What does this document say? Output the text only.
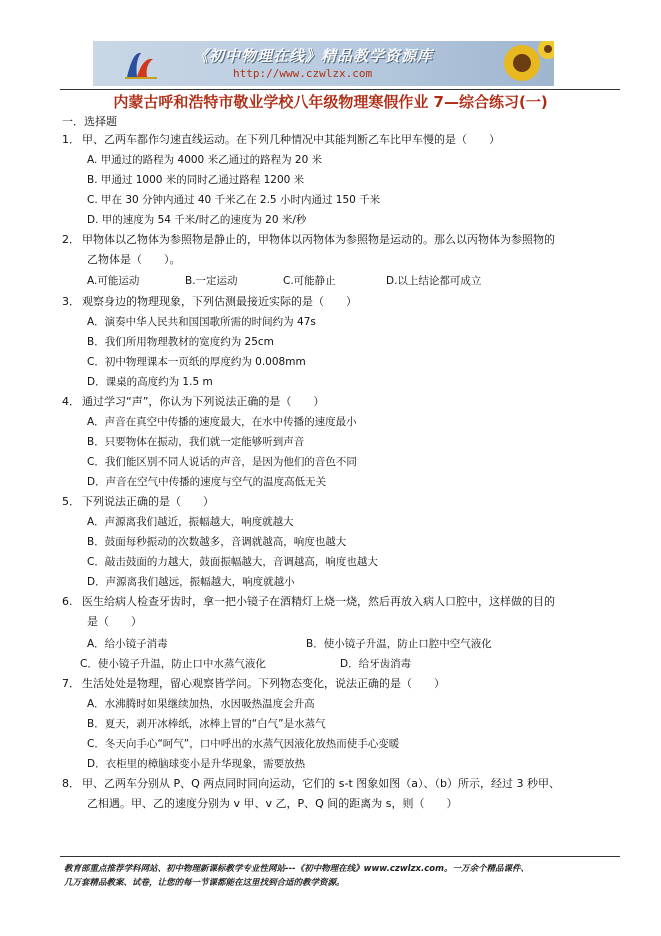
《初中物理在线》精品教学资源库
http://www.czwlzx.com
内蒙古呼和浩特市敬业学校八年级物理寒假作业 7—综合练习(一)
一．选择题
1． 甲、乙两车都作匀速直线运动。在下列几种情况中其能判断乙车比甲车慢的是（　　）
A. 甲通过的路程为 4000 米乙通过的路程为 20 米
B. 甲通过 1000 米的同时乙通过路程 1200 米
C. 甲在 30 分钟内通过 40 千米乙在 2.5 小时内通过 150 千米
D. 甲的速度为 54 千米/时乙的速度为 20 米/秒
2． 甲物体以乙物体为参照物是静止的，甲物体以丙物体为参照物是运动的。那么以丙物体为参照物的
乙物体是（　　）。
A.可能运动	B.一定运动	C.可能静止	D.以上结论都可成立
3． 观察身边的物理现象，下列估测最接近实际的是（　　）
A．演奏中华人民共和国国歌所需的时间约为 47s
B．我们所用物理教材的宽度约为 25cm
C．初中物理课本一页纸的厚度约为 0.008mm
D．课桌的高度约为 1.5 m
4． 通过学习“声”，你认为下列说法正确的是（　　）
A．声音在真空中传播的速度最大，在水中传播的速度最小
B．只要物体在振动，我们就一定能够听到声音
C．我们能区别不同人说话的声音，是因为他们的音色不同
D．声音在空气中传播的速度与空气的温度高低无关
5． 下列说法正确的是（　　）
A．声源离我们越近，振幅越大，响度就越大
B．鼓面每秒振动的次数越多，音调就越高，响度也越大
C．敲击鼓面的力越大，鼓面振幅越大，音调越高，响度也越大
D．声源离我们越远，振幅越大，响度就越小
6. 医生给病人检查牙齿时，拿一把小镜子在酒精灯上烧一烧，然后再放入病人口腔中，这样做的目的
是（　　）
A．给小镜子消毒	B．使小镜子升温，防止口腔中空气液化
C．使小镜子升温，防止口中水蒸气液化	D．给牙齿消毒
7． 生活处处是物理，留心观察皆学问。下列物态变化，说法正确的是（　　）
A．水沸腾时如果继续加热，水因吸热温度会升高
B．夏天，剥开冰棒纸，冰棒上冒的“白气”是水蒸气
C．冬天向手心“呵气”，口中呼出的水蒸气因液化放热而使手心变暖
D．衣柜里的樟脑球变小是升华现象，需要放热
8． 甲、乙两车分别从 P、Q 两点同时同向运动，它们的 s-t 图象如图（a）、（b）所示，经过 3 秒甲、
乙相遇。甲、乙的速度分别为 v 甲、v 乙，P、Q 间的距离为 s，则（　　）
教育部重点推荐学科网站、初中物理新课标教学专业性网站---《初中物理在线》www.czwlzx.com。一万余个精品课件、
几万套精品教案、试卷，让您的每一节课都能在这里找到合适的教学资源。
